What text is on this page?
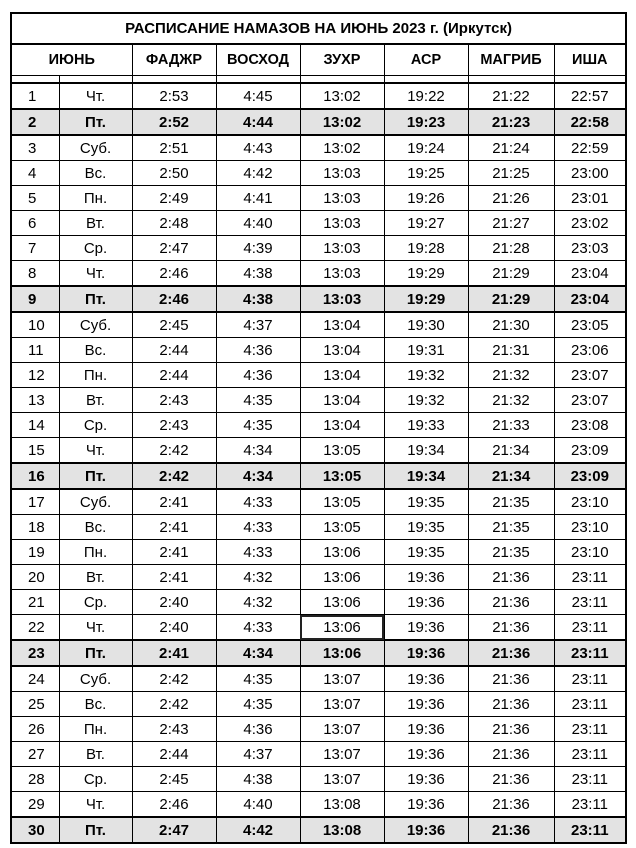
РАСПИСАНИЕ НАМАЗОВ НА ИЮНЬ 2023 г. (Иркутск)							
ИЮНЬ		ФАДЖР	ВОСХОД	ЗУХР	АСР	МАГРИБ	ИША

1	Чт.	2:53	4:45	13:02	19:22	21:22	22:57
2	Пт.	2:52	4:44	13:02	19:23	21:23	22:58
3	Суб.	2:51	4:43	13:02	19:24	21:24	22:59
4	Вс.	2:50	4:42	13:03	19:25	21:25	23:00
5	Пн.	2:49	4:41	13:03	19:26	21:26	23:01
6	Вт.	2:48	4:40	13:03	19:27	21:27	23:02
7	Ср.	2:47	4:39	13:03	19:28	21:28	23:03
8	Чт.	2:46	4:38	13:03	19:29	21:29	23:04
9	Пт.	2:46	4:38	13:03	19:29	21:29	23:04
10	Суб.	2:45	4:37	13:04	19:30	21:30	23:05
11	Вс.	2:44	4:36	13:04	19:31	21:31	23:06
12	Пн.	2:44	4:36	13:04	19:32	21:32	23:07
13	Вт.	2:43	4:35	13:04	19:32	21:32	23:07
14	Ср.	2:43	4:35	13:04	19:33	21:33	23:08
15	Чт.	2:42	4:34	13:05	19:34	21:34	23:09
16	Пт.	2:42	4:34	13:05	19:34	21:34	23:09
17	Суб.	2:41	4:33	13:05	19:35	21:35	23:10
18	Вс.	2:41	4:33	13:05	19:35	21:35	23:10
19	Пн.	2:41	4:33	13:06	19:35	21:35	23:10
20	Вт.	2:41	4:32	13:06	19:36	21:36	23:11
21	Ср.	2:40	4:32	13:06	19:36	21:36	23:11
22	Чт.	2:40	4:33	13:06	19:36	21:36	23:11
23	Пт.	2:41	4:34	13:06	19:36	21:36	23:11
24	Суб.	2:42	4:35	13:07	19:36	21:36	23:11
25	Вс.	2:42	4:35	13:07	19:36	21:36	23:11
26	Пн.	2:43	4:36	13:07	19:36	21:36	23:11
27	Вт.	2:44	4:37	13:07	19:36	21:36	23:11
28	Ср.	2:45	4:38	13:07	19:36	21:36	23:11
29	Чт.	2:46	4:40	13:08	19:36	21:36	23:11
30	Пт.	2:47	4:42	13:08	19:36	21:36	23:11
